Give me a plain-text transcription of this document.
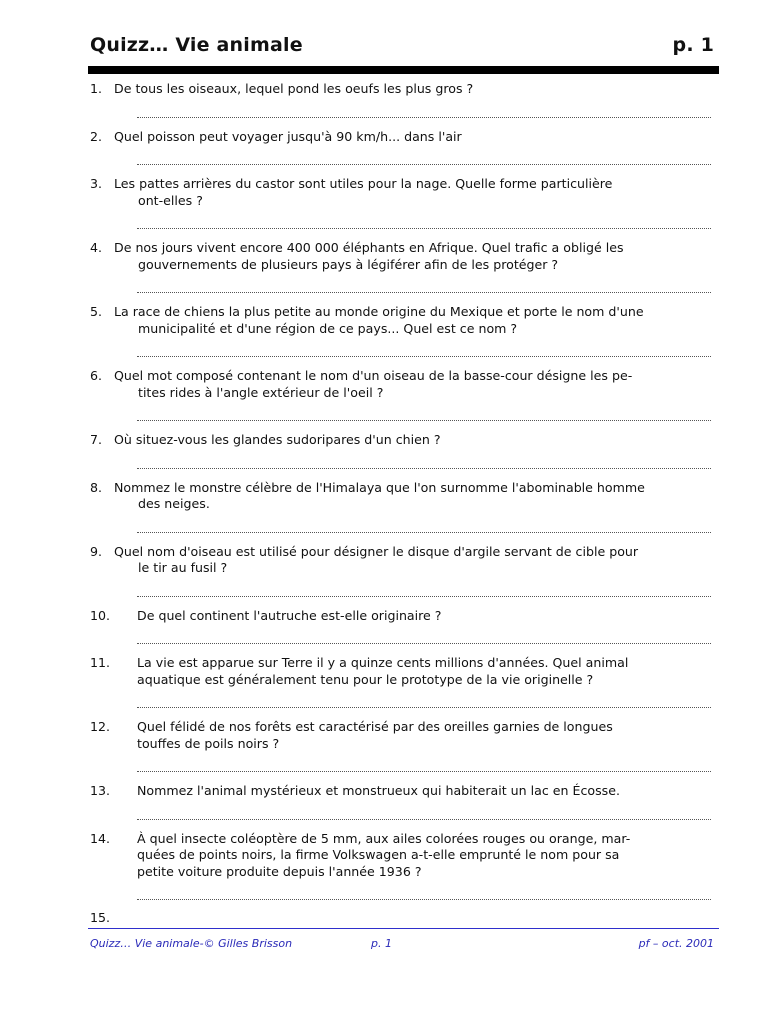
Quizz… Vie animale	p. 1
1. De tous les oiseaux, lequel pond les oeufs les plus gros ?
2. Quel poisson peut voyager jusqu'à 90 km/h... dans l'air
3. Les pattes arrières du castor sont utiles pour la nage. Quelle forme particulière
ont-elles ?
4. De nos jours vivent encore 400 000 éléphants en Afrique. Quel trafic a obligé les
gouvernements de plusieurs pays à légiférer afin de les protéger ?
5. La race de chiens la plus petite au monde origine du Mexique et porte le nom d'une
municipalité et d'une région de ce pays... Quel est ce nom ?
6. Quel mot composé contenant le nom d'un oiseau de la basse-cour désigne les pe-
tites rides à l'angle extérieur de l'oeil ?
7. Où situez-vous les glandes sudoripares d'un chien ?
8. Nommez le monstre célèbre de l'Himalaya que l'on surnomme l'abominable homme
des neiges.
9. Quel nom d'oiseau est utilisé pour désigner le disque d'argile servant de cible pour
le tir au fusil ?
10.	De quel continent l'autruche est-elle originaire ?
11.	La vie est apparue sur Terre il y a quinze cents millions d'années. Quel animal
aquatique est généralement tenu pour le prototype de la vie originelle ?
12.	Quel félidé de nos forêts est caractérisé par des oreilles garnies de longues
touffes de poils noirs ?
13.	Nommez l'animal mystérieux et monstrueux qui habiterait un lac en Écosse.
14.	À quel insecte coléoptère de 5 mm, aux ailes colorées rouges ou orange, mar-
quées de points noirs, la firme Volkswagen a-t-elle emprunté le nom pour sa
petite voiture produite depuis l'année 1936 ?
15.
Quizz… Vie animale-© Gilles Brisson	p. 1	pf – oct. 2001
